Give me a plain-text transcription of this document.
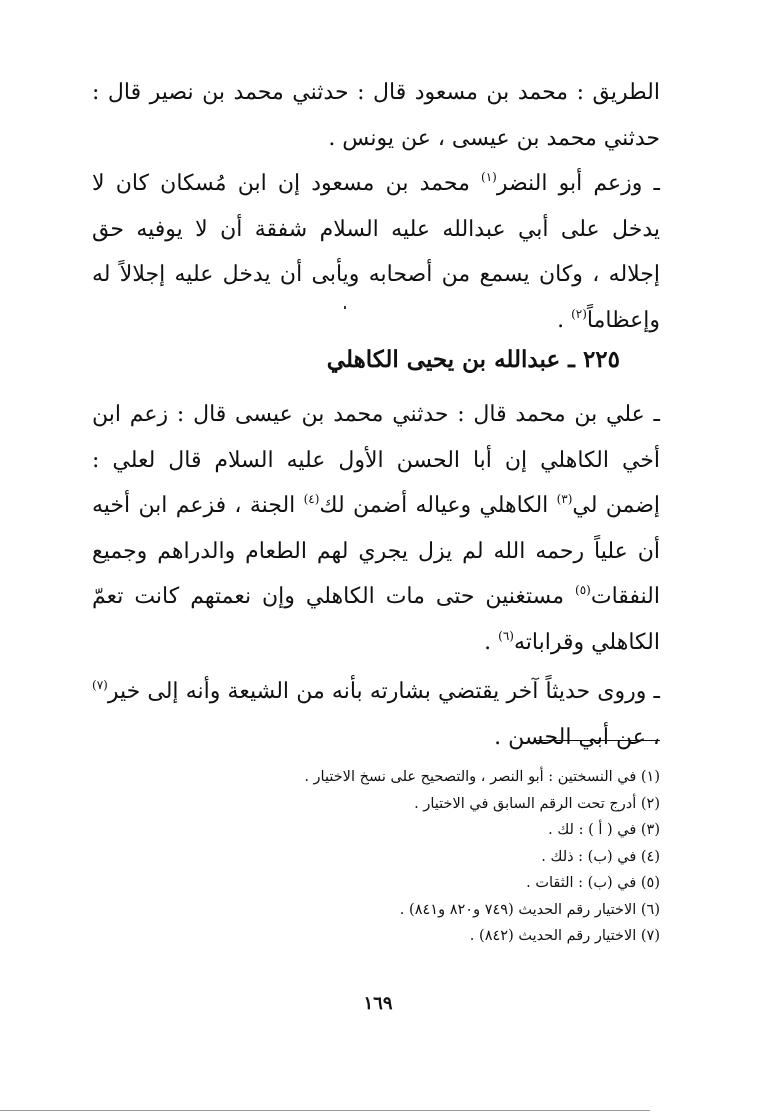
الطريق : محمد بن مسعود قال : حدثني محمد بن نصير قال : حدثني محمد بن عيسى ، عن يونس .

ـ وزعم أبو النضر$^{(١)}$ محمد بن مسعود إن ابن مُسكان كان لا يدخل على أبي عبدالله عليه السلام شفقة أن لا يوفيه حق إجلاله ، وكان يسمع من أصحابه ويأبى أن يدخل عليه إجلالاً له وإعظاماً$^{(٢)}$ .

٢٢٥ ـ عبدالله بن يحيى الكاهلي

ـ علي بن محمد قال : حدثني محمد بن عيسى قال : زعم ابن أخي الكاهلي إن أبا الحسن الأول عليه السلام قال لعلي : إضمن لي$^{(٣)}$ الكاهلي وعياله أضمن لك$^{(٤)}$ الجنة ، فزعم ابن أخيه أن علياً رحمه الله لم يزل يجري لهم الطعام والدراهم وجميع النفقات$^{(٥)}$ مستغنين حتى مات الكاهلي وإن نعمتهم كانت تعمّ الكاهلي وقراباته$^{(٦)}$ .

ـ وروى حديثاً آخر يقتضي بشارته بأنه من الشيعة وأنه إلى خير$^{(٧)}$ ، عن أبي الحسن .

(١) في النسختين : أبو النصر ، والتصحيح على نسخ الاختيار .
(٢) أدرج تحت الرقم السابق في الاختيار .
(٣) في ( أ ) : لك .
(٤) في (ب) : ذلك .
(٥) في (ب) : الثقات .
(٦) الاختيار رقم الحديث (٧٤٩ و٨٢٠ و٨٤١) .
(٧) الاختيار رقم الحديث (٨٤٢) .
١٦٩
